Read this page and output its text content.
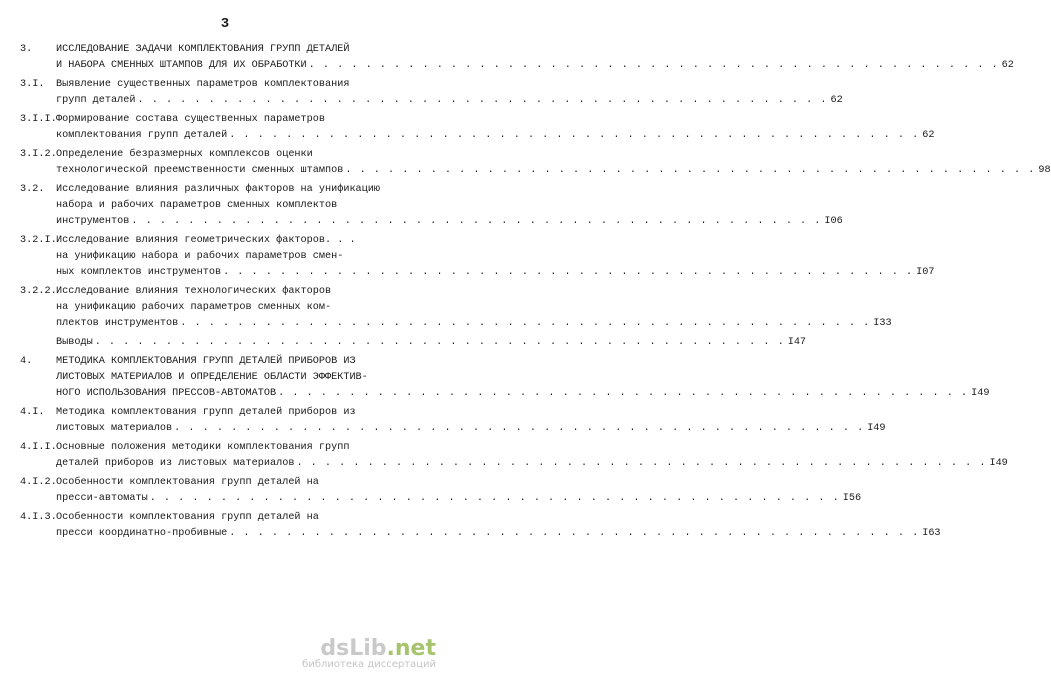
3
3.	ИССЛЕДОВАНИЕ ЗАДАЧИ КОМПЛЕКТОВАНИЯ ГРУПП ДЕТАЛЕЙ
И НАБОРА СМЕННЫХ ШТАМПОВ ДЛЯ ИХ ОБРАБОТКИ . . . . . . . . . . . . . . . . . . . . . . . . . . . . . . . . . . . . . . . . . . . . . . . . . 62
3.I.	Выявление существенных параметров комплектования
групп деталей . . . . . . . . . . . . . . . . . . . . . . . . . . . . . . . . . . . . . . . . . . . . . . . . . 62
3.I.I. Формирование состава существенных параметров
комплектования групп деталей . . . . . . . . . . . . . . . . . . . . . . . . . . . . . . . . . . . . . . . . . . . . . . . . . 62
3.I.2. Определение безразмерных комплексов оценки
технологической преемственности сменных штампов . . . . . . . . . . . . . . . . . . . . . . . . . . . . . . . . . . . . . . . . . . . . . . . . . 98
3.2.	Исследование влияния различных факторов на унификацию
набора и рабочих параметров сменных комплектов
инструментов . . . . . . . . . . . . . . . . . . . . . . . . . . . . . . . . . . . . . . . . . . . . . . . . . I06
3.2.I. Исследование влияния геометрических факторов. . .
на унификацию набора и рабочих параметров смен-
ных комплектов инструментов . . . . . . . . . . . . . . . . . . . . . . . . . . . . . . . . . . . . . . . . . . . . . . . . . I07
3.2.2. Исследование влияния технологических факторов
на унификацию рабочих параметров сменных ком-
плектов инструментов . . . . . . . . . . . . . . . . . . . . . . . . . . . . . . . . . . . . . . . . . . . . . . . . . I33
Выводы . . . . . . . . . . . . . . . . . . . . . . . . . . . . . . . . . . . . . . . . . . . . . . . . . I47
4.	МЕТОДИКА КОМПЛЕКТОВАНИЯ ГРУПП ДЕТАЛЕЙ ПРИБОРОВ ИЗ
ЛИСТОВЫХ МАТЕРИАЛОВ И ОПРЕДЕЛЕНИЕ ОБЛАСТИ ЭФФЕКТИВ-
НОГО ИСПОЛЬЗОВАНИЯ ПРЕССОВ-АВТОМАТОВ . . . . . . . . . . . . . . . . . . . . . . . . . . . . . . . . . . . . . . . . . . . . . . . . . I49
4.I.	Методика комплектования групп деталей приборов из
листовых материалов . . . . . . . . . . . . . . . . . . . . . . . . . . . . . . . . . . . . . . . . . . . . . . . . . I49
4.I.I. Основные положения методики комплектования групп
деталей приборов из листовых материалов . . . . . . . . . . . . . . . . . . . . . . . . . . . . . . . . . . . . . . . . . . . . . . . . . I49
4.I.2. Особенности комплектования групп деталей на
пресси-автоматы . . . . . . . . . . . . . . . . . . . . . . . . . . . . . . . . . . . . . . . . . . . . . . . . . I56
4.I.3. Особенности комплектования групп деталей на
пресси координатно-пробивные . . . . . . . . . . . . . . . . . . . . . . . . . . . . . . . . . . . . . . . . . . . . . . . . . I63
dsLib.net
библиотека диссертаций
